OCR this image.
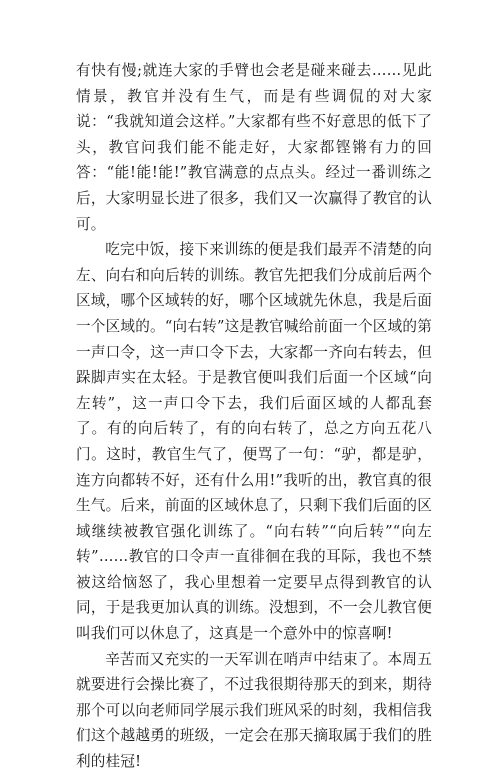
有快有慢;就连大家的手臂也会老是碰来碰去……见此情景，教官并没有生气，而是有些调侃的对大家说：“我就知道会这样。”大家都有些不好意思的低下了头，教官问我们能不能走好，大家都铿锵有力的回答：“能!能!能!”教官满意的点点头。经过一番训练之后，大家明显长进了很多，我们又一次赢得了教官的认可。

吃完中饭，接下来训练的便是我们最弄不清楚的向左、向右和向后转的训练。教官先把我们分成前后两个区域，哪个区域转的好，哪个区域就先休息，我是后面一个区域的。“向右转”这是教官喊给前面一个区域的第一声口令，这一声口令下去，大家都一齐向右转去，但跺脚声实在太轻。于是教官便叫我们后面一个区域“向左转”，这一声口令下去，我们后面区域的人都乱套了。有的向后转了，有的向右转了，总之方向五花八门。这时，教官生气了，便骂了一句：“驴，都是驴，连方向都转不好，还有什么用!”我听的出，教官真的很生气。后来，前面的区域休息了，只剩下我们后面的区域继续被教官强化训练了。“向右转”“向后转”“向左转”……教官的口令声一直徘徊在我的耳际，我也不禁被这给恼怒了，我心里想着一定要早点得到教官的认同，于是我更加认真的训练。没想到，不一会儿教官便叫我们可以休息了，这真是一个意外中的惊喜啊!

辛苦而又充实的一天军训在哨声中结束了。本周五就要进行会操比赛了，不过我很期待那天的到来，期待那个可以向老师同学展示我们班风采的时刻，我相信我们这个越越勇的班级，一定会在那天摘取属于我们的胜利的桂冠!
